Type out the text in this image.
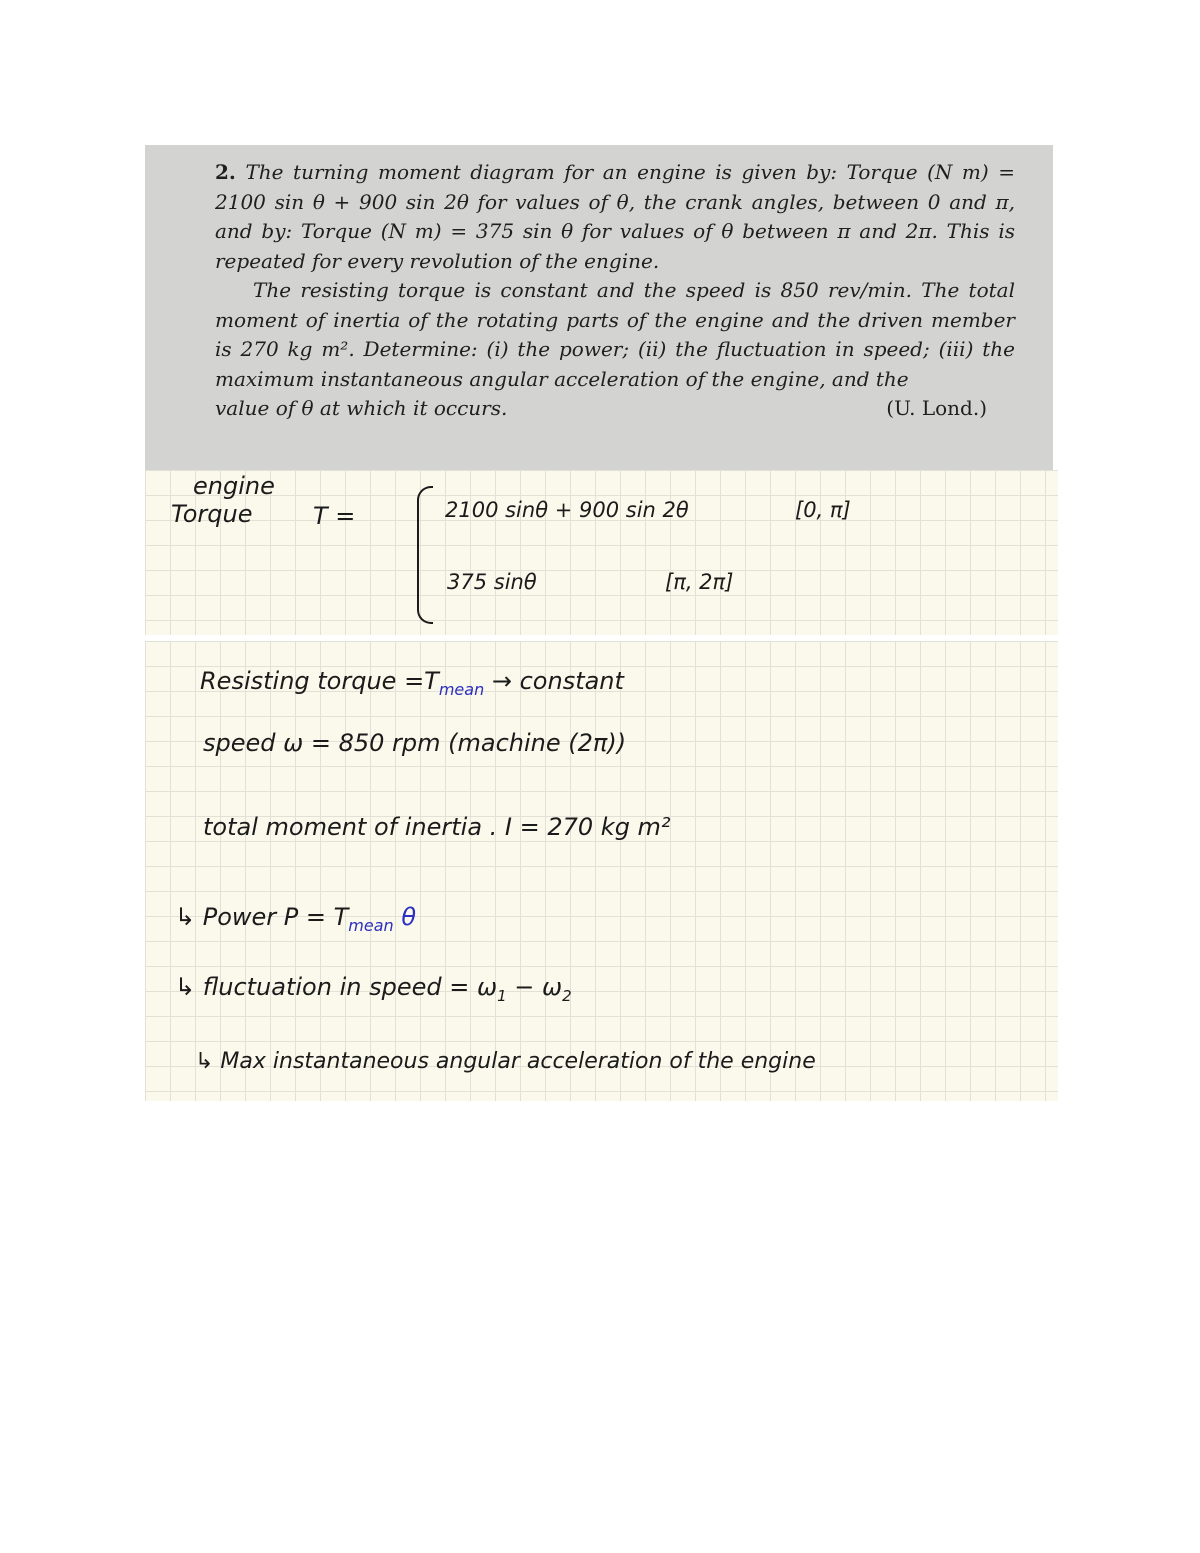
2. The turning moment diagram for an engine is given by: Torque (N m) = 2100 sin θ + 900 sin 2θ for values of θ, the crank angles, between 0 and π, and by: Torque (N m) = 375 sin θ for values of θ between π and 2π. This is repeated for every revolution of the engine.

The resisting torque is constant and the speed is 850 rev/min. The total moment of inertia of the rotating parts of the engine and the driven member is 270 kg m². Determine: (i) the power; (ii) the fluctuation in speed; (iii) the maximum instantaneous angular acceleration of the engine, and the

value of θ at which it occurs.	(U. Lond.)

engine
Torque	T =	2100 sinθ + 900 sin 2θ	[0, π]
375 sinθ	[π, 2π]
Resisting torque $=T_{mean}$ → constant
speed ω = 850 rpm (machine (2π))
total moment of inertia . I = 270 kg m²
↳ Power $P = T_{mean}$ θ
↳ fluctuation in speed = $\omega_1 - \omega_2$
↳ Max instantaneous angular acceleration of the engine
